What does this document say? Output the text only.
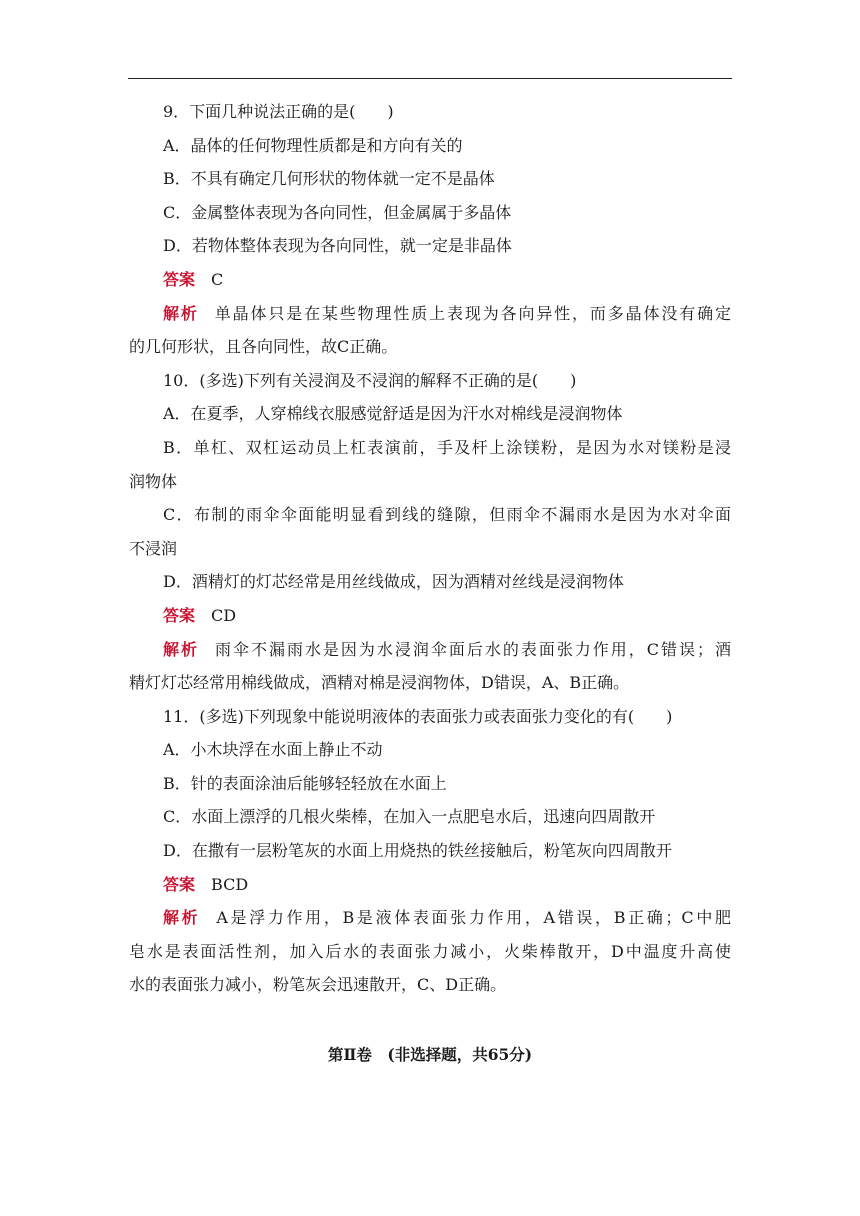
9．下面几种说法正确的是(　　)
A．晶体的任何物理性质都是和方向有关的
B．不具有确定几何形状的物体就一定不是晶体
C．金属整体表现为各向同性，但金属属于多晶体
D．若物体整体表现为各向同性，就一定是非晶体
答案 C
解析 单晶体只是在某些物理性质上表现为各向异性，而多晶体没有确定
的几何形状，且各向同性，故C正确。
10．(多选)下列有关浸润及不浸润的解释不正确的是(　　)
A．在夏季，人穿棉线衣服感觉舒适是因为汗水对棉线是浸润物体
B．单杠、双杠运动员上杠表演前，手及杆上涂镁粉，是因为水对镁粉是浸
润物体
C．布制的雨伞伞面能明显看到线的缝隙，但雨伞不漏雨水是因为水对伞面
不浸润
D．酒精灯的灯芯经常是用丝线做成，因为酒精对丝线是浸润物体
答案 CD
解析 雨伞不漏雨水是因为水浸润伞面后水的表面张力作用，C错误；酒
精灯灯芯经常用棉线做成，酒精对棉是浸润物体，D错误，A、B正确。
11．(多选)下列现象中能说明液体的表面张力或表面张力变化的有(　　)
A．小木块浮在水面上静止不动
B．针的表面涂油后能够轻轻放在水面上
C．水面上漂浮的几根火柴棒，在加入一点肥皂水后，迅速向四周散开
D．在撒有一层粉笔灰的水面上用烧热的铁丝接触后，粉笔灰向四周散开
答案 BCD
解析 A是浮力作用，B是液体表面张力作用，A错误，B正确；C中肥
皂水是表面活性剂，加入后水的表面张力减小，火柴棒散开，D中温度升高使
水的表面张力减小，粉笔灰会迅速散开，C、D正确。
第Ⅱ卷　(非选择题，共65分)
